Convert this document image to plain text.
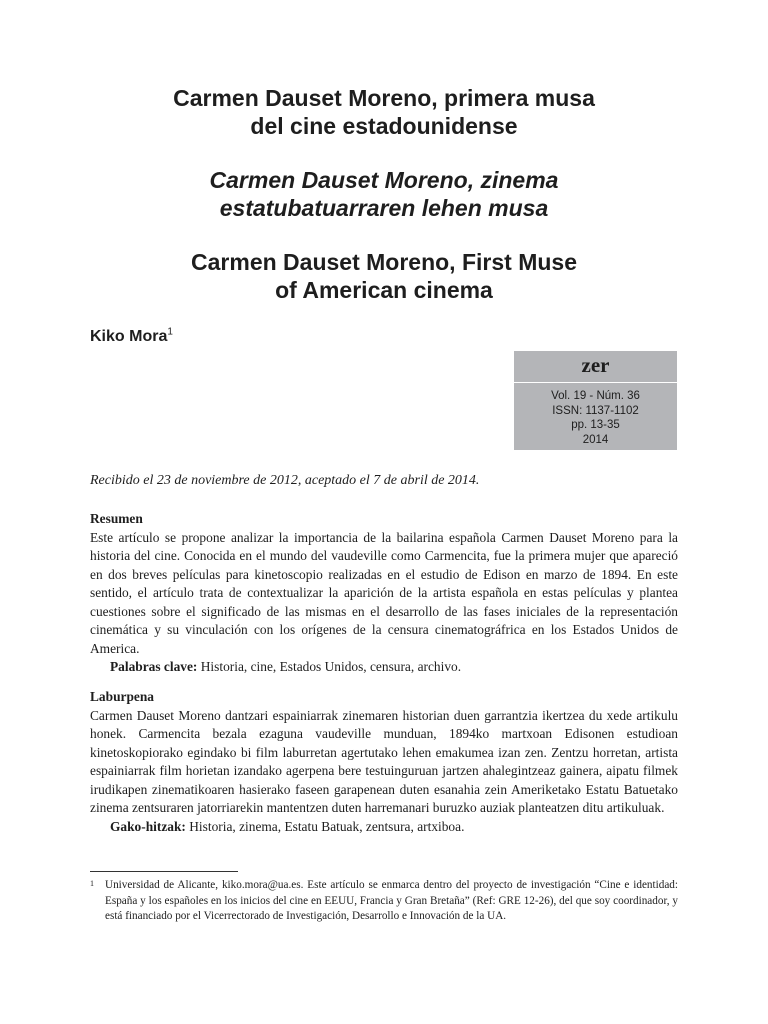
Carmen Dauset Moreno, primera musa
del cine estadounidense
Carmen Dauset Moreno, zinema
estatubatuarraren lehen musa
Carmen Dauset Moreno, First Muse
of American cinema
Kiko Mora$^1$
zer
Vol. 19 - Núm. 36
ISSN: 1137-1102
pp. 13-35
2014
Recibido el 23 de noviembre de 2012, aceptado el 7 de abril de 2014.
Resumen

Este artículo se propone analizar la importancia de la bailarina española Carmen Dauset Moreno para la historia del cine. Conocida en el mundo del vaudeville como Carmencita, fue la primera mujer que apareció en dos breves películas para kinetoscopio realizadas en el estudio de Edison en marzo de 1894. En este sentido, el artículo trata de contextualizar la aparición de la artista española en estas películas y plantea cuestiones sobre el significado de las mismas en el desarrollo de las fases iniciales de la representación cinemática y su vinculación con los orígenes de la censura cinematográfrica en los Estados Unidos de America.

Palabras clave: Historia, cine, Estados Unidos, censura, archivo.

Laburpena

Carmen Dauset Moreno dantzari espainiarrak zinemaren historian duen garrantzia ikertzea du xede artikulu honek. Carmencita bezala ezaguna vaudeville munduan, 1894ko martxoan Edisonen estudioan kinetoskopiorako egindako bi film laburretan agertutako lehen emakumea izan zen. Zentzu horretan, artista espainiarrak film horietan izandako agerpena bere testuinguruan jartzen ahalegintzeaz gainera, aipatu filmek irudikapen zinematikoaren hasierako faseen garapenean duten esanahia zein Ameriketako Estatu Batuetako zinema zentsuraren jatorriarekin mantentzen duten harremanari buruzko auziak planteatzen ditu artikuluak.

Gako-hitzak: Historia, zinema, Estatu Batuak, zentsura, artxiboa.

1 Universidad de Alicante, kiko.mora@ua.es. Este artículo se enmarca dentro del proyecto de investigación “Cine e identidad: España y los españoles en los inicios del cine en EEUU, Francia y Gran Bretaña” (Ref: GRE 12-26), del que soy coordinador, y está financiado por el Vicerrectorado de Investigación, Desarrollo e Innovación de la UA.
